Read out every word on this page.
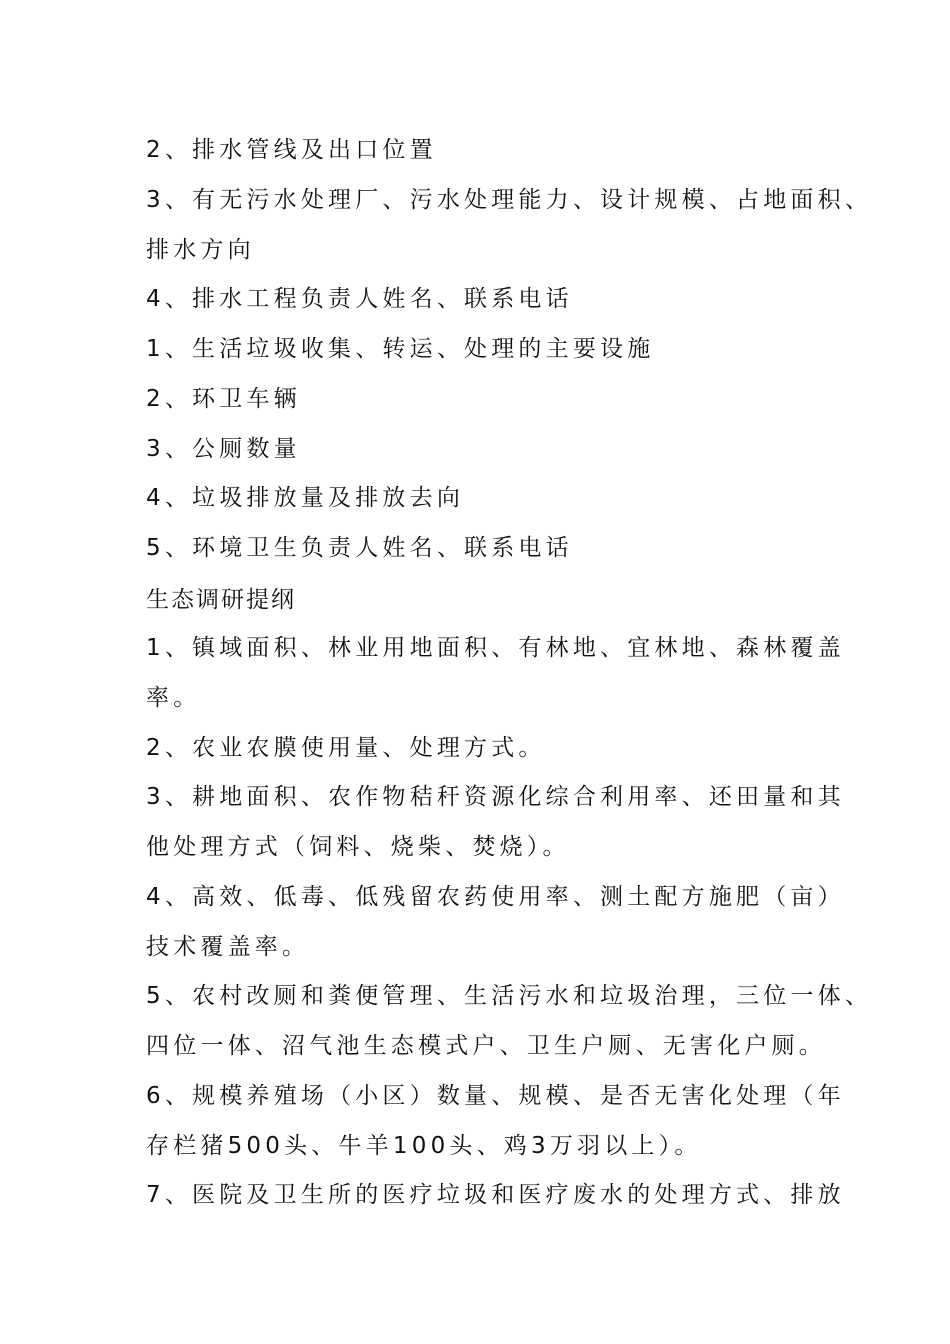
2、排水管线及出口位置
3、有无污水处理厂、污水处理能力、设计规模、占地面积、
排水方向
4、排水工程负责人姓名、联系电话
1、生活垃圾收集、转运、处理的主要设施
2、环卫车辆
3、公厕数量
4、垃圾排放量及排放去向
5、环境卫生负责人姓名、联系电话
生态调研提纲
1、镇域面积、林业用地面积、有林地、宜林地、森林覆盖
率。
2、农业农膜使用量、处理方式。
3、耕地面积、农作物秸秆资源化综合利用率、还田量和其
他处理方式（饲料、烧柴、焚烧）。
4、高效、低毒、低残留农药使用率、测土配方施肥（亩）
技术覆盖率。
5、农村改厕和粪便管理、生活污水和垃圾治理，三位一体、
四位一体、沼气池生态模式户、卫生户厕、无害化户厕。
6、规模养殖场（小区）数量、规模、是否无害化处理（年
存栏猪500头、牛羊100头、鸡3万羽以上）。
7、医院及卫生所的医疗垃圾和医疗废水的处理方式、排放
